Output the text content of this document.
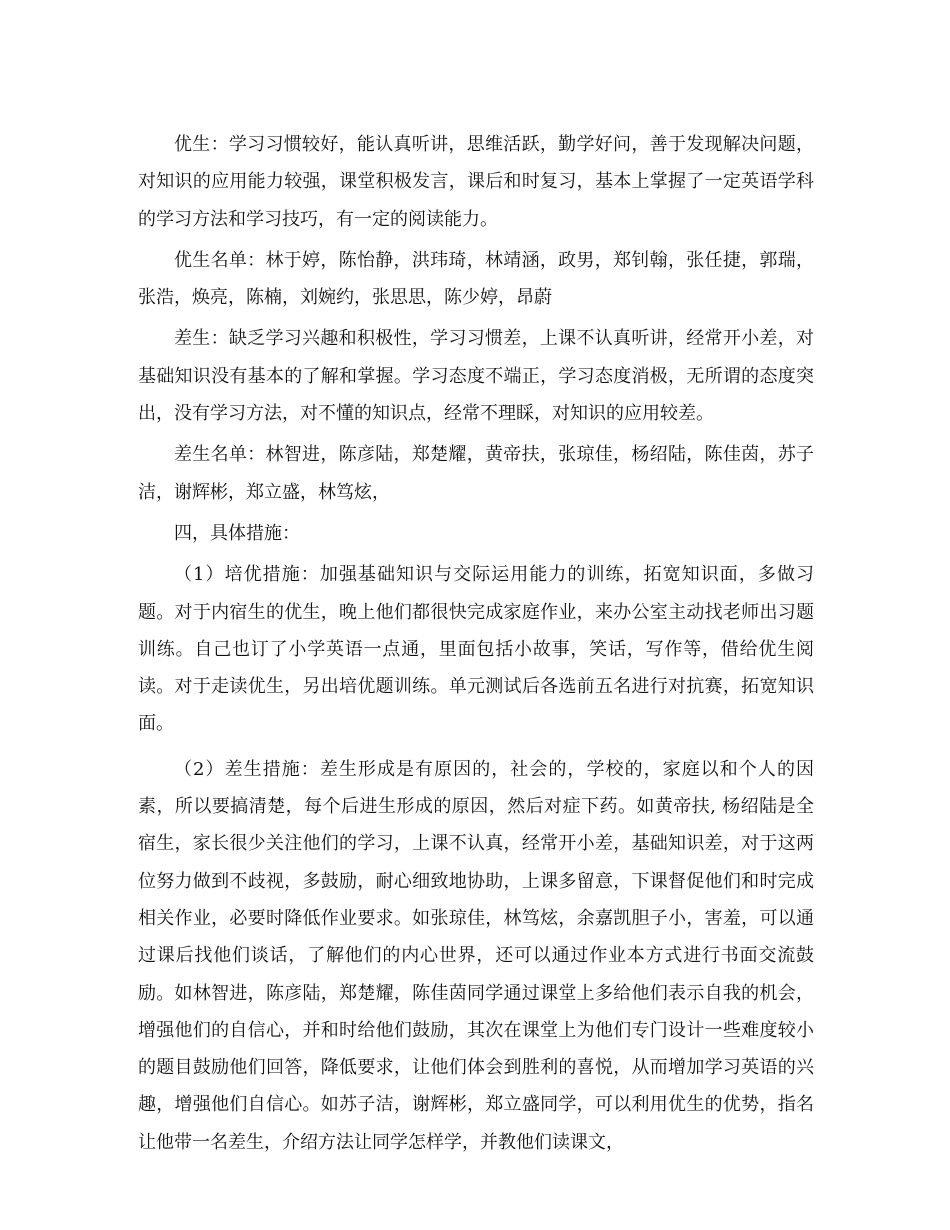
优生：学习习惯较好，能认真听讲，思维活跃，勤学好问，善于发现解决问题，对知识的应用能力较强，课堂积极发言，课后和时复习，基本上掌握了一定英语学科的学习方法和学习技巧，有一定的阅读能力。

优生名单：林于婷，陈怡静，洪玮琦，林靖涵，政男，郑钊翰，张任捷，郭瑞，张浩，焕亮，陈楠，刘婉约，张思思，陈少婷，昂蔚

差生：缺乏学习兴趣和积极性，学习习惯差，上课不认真听讲，经常开小差，对基础知识没有基本的了解和掌握。学习态度不端正，学习态度消极，无所谓的态度突出，没有学习方法，对不懂的知识点，经常不理睬，对知识的应用较差。

差生名单：林智进，陈彦陆，郑楚耀，黄帝扶，张琼佳，杨绍陆，陈佳茵，苏子洁，谢辉彬，郑立盛，林笃炫，

四，具体措施：

（1）培优措施：加强基础知识与交际运用能力的训练，拓宽知识面，多做习题。对于内宿生的优生，晚上他们都很快完成家庭作业，来办公室主动找老师出习题训练。自己也订了小学英语一点通，里面包括小故事，笑话，写作等，借给优生阅读。对于走读优生，另出培优题训练。单元测试后各选前五名进行对抗赛，拓宽知识面。

（2）差生措施：差生形成是有原因的，社会的，学校的，家庭以和个人的因素，所以要搞清楚，每个后进生形成的原因，然后对症下药。如黄帝扶, 杨绍陆是全宿生，家长很少关注他们的学习，上课不认真，经常开小差，基础知识差，对于这两位努力做到不歧视，多鼓励，耐心细致地协助，上课多留意，下课督促他们和时完成相关作业，必要时降低作业要求。如张琼佳，林笃炫，余嘉凯胆子小，害羞，可以通过课后找他们谈话，了解他们的内心世界，还可以通过作业本方式进行书面交流鼓励。如林智进，陈彦陆，郑楚耀，陈佳茵同学通过课堂上多给他们表示自我的机会，增强他们的自信心，并和时给他们鼓励，其次在课堂上为他们专门设计一些难度较小的题目鼓励他们回答，降低要求，让他们体会到胜利的喜悦，从而增加学习英语的兴趣，增强他们自信心。如苏子洁，谢辉彬，郑立盛同学，可以利用优生的优势，指名让他带一名差生，介绍方法让同学怎样学，并教他们读课文，
